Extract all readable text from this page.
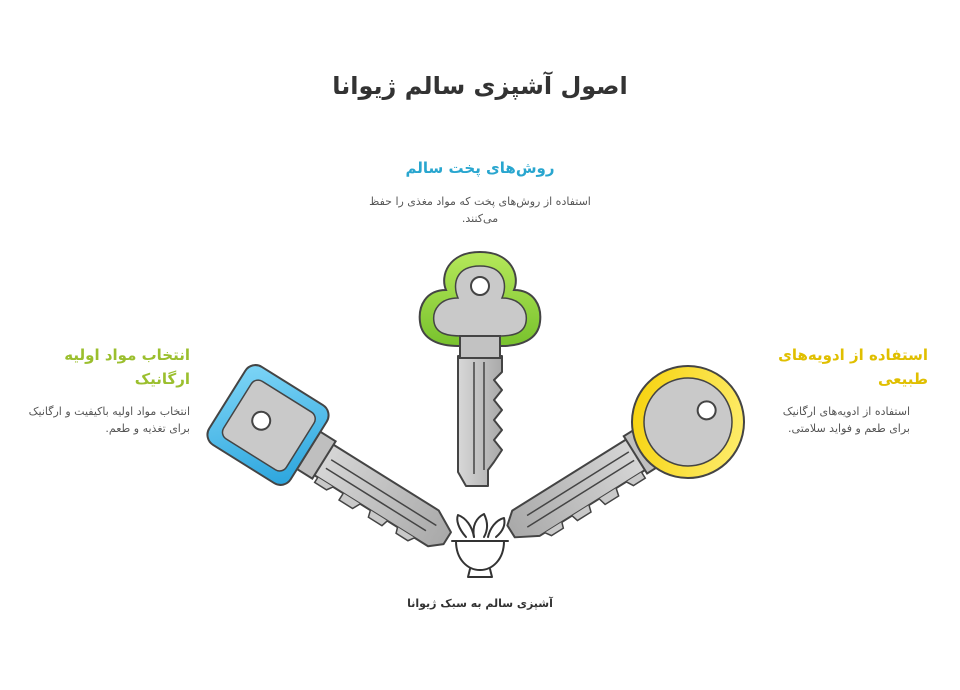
اصول آشپزی سالم ژیوانا
روش‌های پخت سالم
استفاده از روش‌های پخت که مواد مغذی را حفظ می‌کنند.
انتخاب مواد اولیه ارگانیک
انتخاب مواد اولیه باکیفیت و ارگانیک برای تغذیه و طعم.
استفاده از ادویه‌های طبیعی
استفاده از ادویه‌های ارگانیک برای طعم و فواید سلامتی.
آشپزی سالم به سبک ژیوانا
